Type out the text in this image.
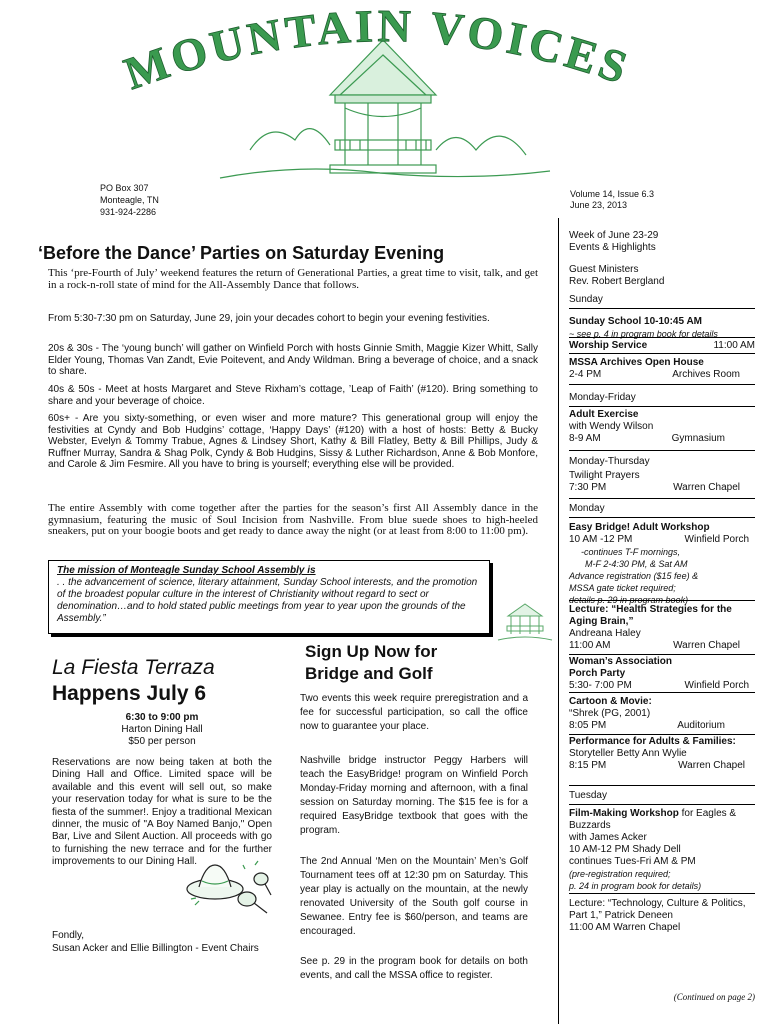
MOUNTAIN VOICES
PO Box 307
Monteagle, TN
931-924-2286
Volume 14, Issue 6.3
June 23, 2013
‘Before the Dance’ Parties on Saturday Evening
This ‘pre-Fourth of July’ weekend features the return of Generational Parties, a great time to visit, talk, and get in a rock-n-roll state of mind for the All-Assembly Dance that follows.
From 5:30-7:30 pm on Saturday, June 29, join your decades cohort to begin your evening festivities.
20s & 30s - The ‘young bunch’ will gather on Winfield Porch with hosts Ginnie Smith, Maggie Kizer Whitt, Sally Elder Young, Thomas Van Zandt, Evie Poitevent, and Andy Wildman. Bring a beverage of choice, and a snack to share.
40s & 50s - Meet at hosts Margaret and Steve Rixham’s cottage, ’Leap of Faith’ (#120). Bring something to share and your beverage of choice.
60s+ - Are you sixty-something, or even wiser and more mature? This generational group will enjoy the festivities at Cyndy and Bob Hudgins’ cottage, ‘Happy Days’ (#120) with a host of hosts: Betty & Bucky Webster, Evelyn & Tommy Trabue, Agnes & Lindsey Short, Kathy & Bill Flatley, Betty & Bill Phillips, Judy & Ruffner Murray, Sandra & Shag Polk, Cyndy & Bob Hudgins, Sissy & Luther Richardson, Anne & Bob Monfore, and Carole & Jim Fesmire. All you have to bring is yourself; everything else will be provided.
The entire Assembly with come together after the parties for the season’s first All Assembly dance in the gymnasium, featuring the music of Soul Incision from Nashville. From blue suede shoes to high-heeled sneakers, put on your boogie boots and get ready to dance away the night (or at least from 8:00 to 11:00 pm).
The mission of Monteagle Sunday School Assembly is
. . the advancement of science, literary attainment, Sunday School interests, and the promotion of the broadest popular culture in the interest of Christianity without regard to sect or denomination…and to hold stated public meetings from year to year upon the grounds of the Assembly.”
La Fiesta Terraza
Happens July 6
6:30 to 9:00 pm
Harton Dining Hall
$50 per person
Reservations are now being taken at both the Dining Hall and Office. Limited space will be available and this event will sell out, so make your reservation today for what is sure to be the fiesta of the summer!. Enjoy a traditional Mexican dinner, the music of "A Boy Named Banjo," Open Bar, Live and Silent Auction. All proceeds with go to furnishing the new terrace and for the further improvements to our Dining Hall.
Fondly,
Susan Acker and Ellie Billington - Event Chairs
Sign Up Now for
Bridge and Golf
Two events this week require preregistration and a fee for successful participation, so call the office now to guarantee your place.
Nashville bridge instructor Peggy Harbers will teach the EasyBridge! program on Winfield Porch Monday-Friday morning and afternoon, with a final session on Saturday morning. The $15 fee is for a required EasyBridge textbook that goes with the program.
The 2nd Annual ‘Men on the Mountain’ Men’s Golf Tournament tees off at 12:30 pm on Saturday. This year play is actually on the mountain, at the newly renovated University of the South golf course in Sewanee. Entry fee is $60/person, and teams are encouraged.
See p. 29 in the program book for details on both events, and call the MSSA office to register.
Week of June 23-29
Events & Highlights
Guest Ministers
Rev. Robert Bergland
Sunday
Sunday School 10-10:45 AM
~ see p. 4 in program book for details
Worship Service	11:00 AM
MSSA Archives Open House
2-4 PM	Archives Room
Monday-Friday
Adult Exercise
with Wendy Wilson
8-9 AM	Gymnasium
Monday-Thursday
Twilight Prayers
7:30 PM	Warren Chapel
Monday
Easy Bridge! Adult Workshop
10 AM -12 PM	Winfield Porch
-continues T-F mornings,
M-F 2-4:30 PM, & Sat AM
Advance registration ($15 fee) &
MSSA gate ticket required;
details p. 29 in program book)
Lecture: “Health Strategies for the Aging Brain,”
Andreana Haley
11:00 AM	Warren Chapel
Woman’s Association
Porch Party
5:30- 7:00 PM	Winfield Porch
Cartoon & Movie:
“Shrek (PG, 2001)
8:05 PM	Auditorium
Performance for Adults & Families:
Storyteller Betty Ann Wylie
8:15 PM	Warren Chapel
Tuesday
Film-Making Workshop for Eagles & Buzzards
with James Acker
10 AM-12 PM Shady Dell
continues Tues-Fri AM & PM
(pre-registration required;
p. 24 in program book for details)
Lecture: “Technology, Culture & Politics, Part 1,” Patrick Deneen
11:00 AM Warren Chapel
(Continued on page 2)
